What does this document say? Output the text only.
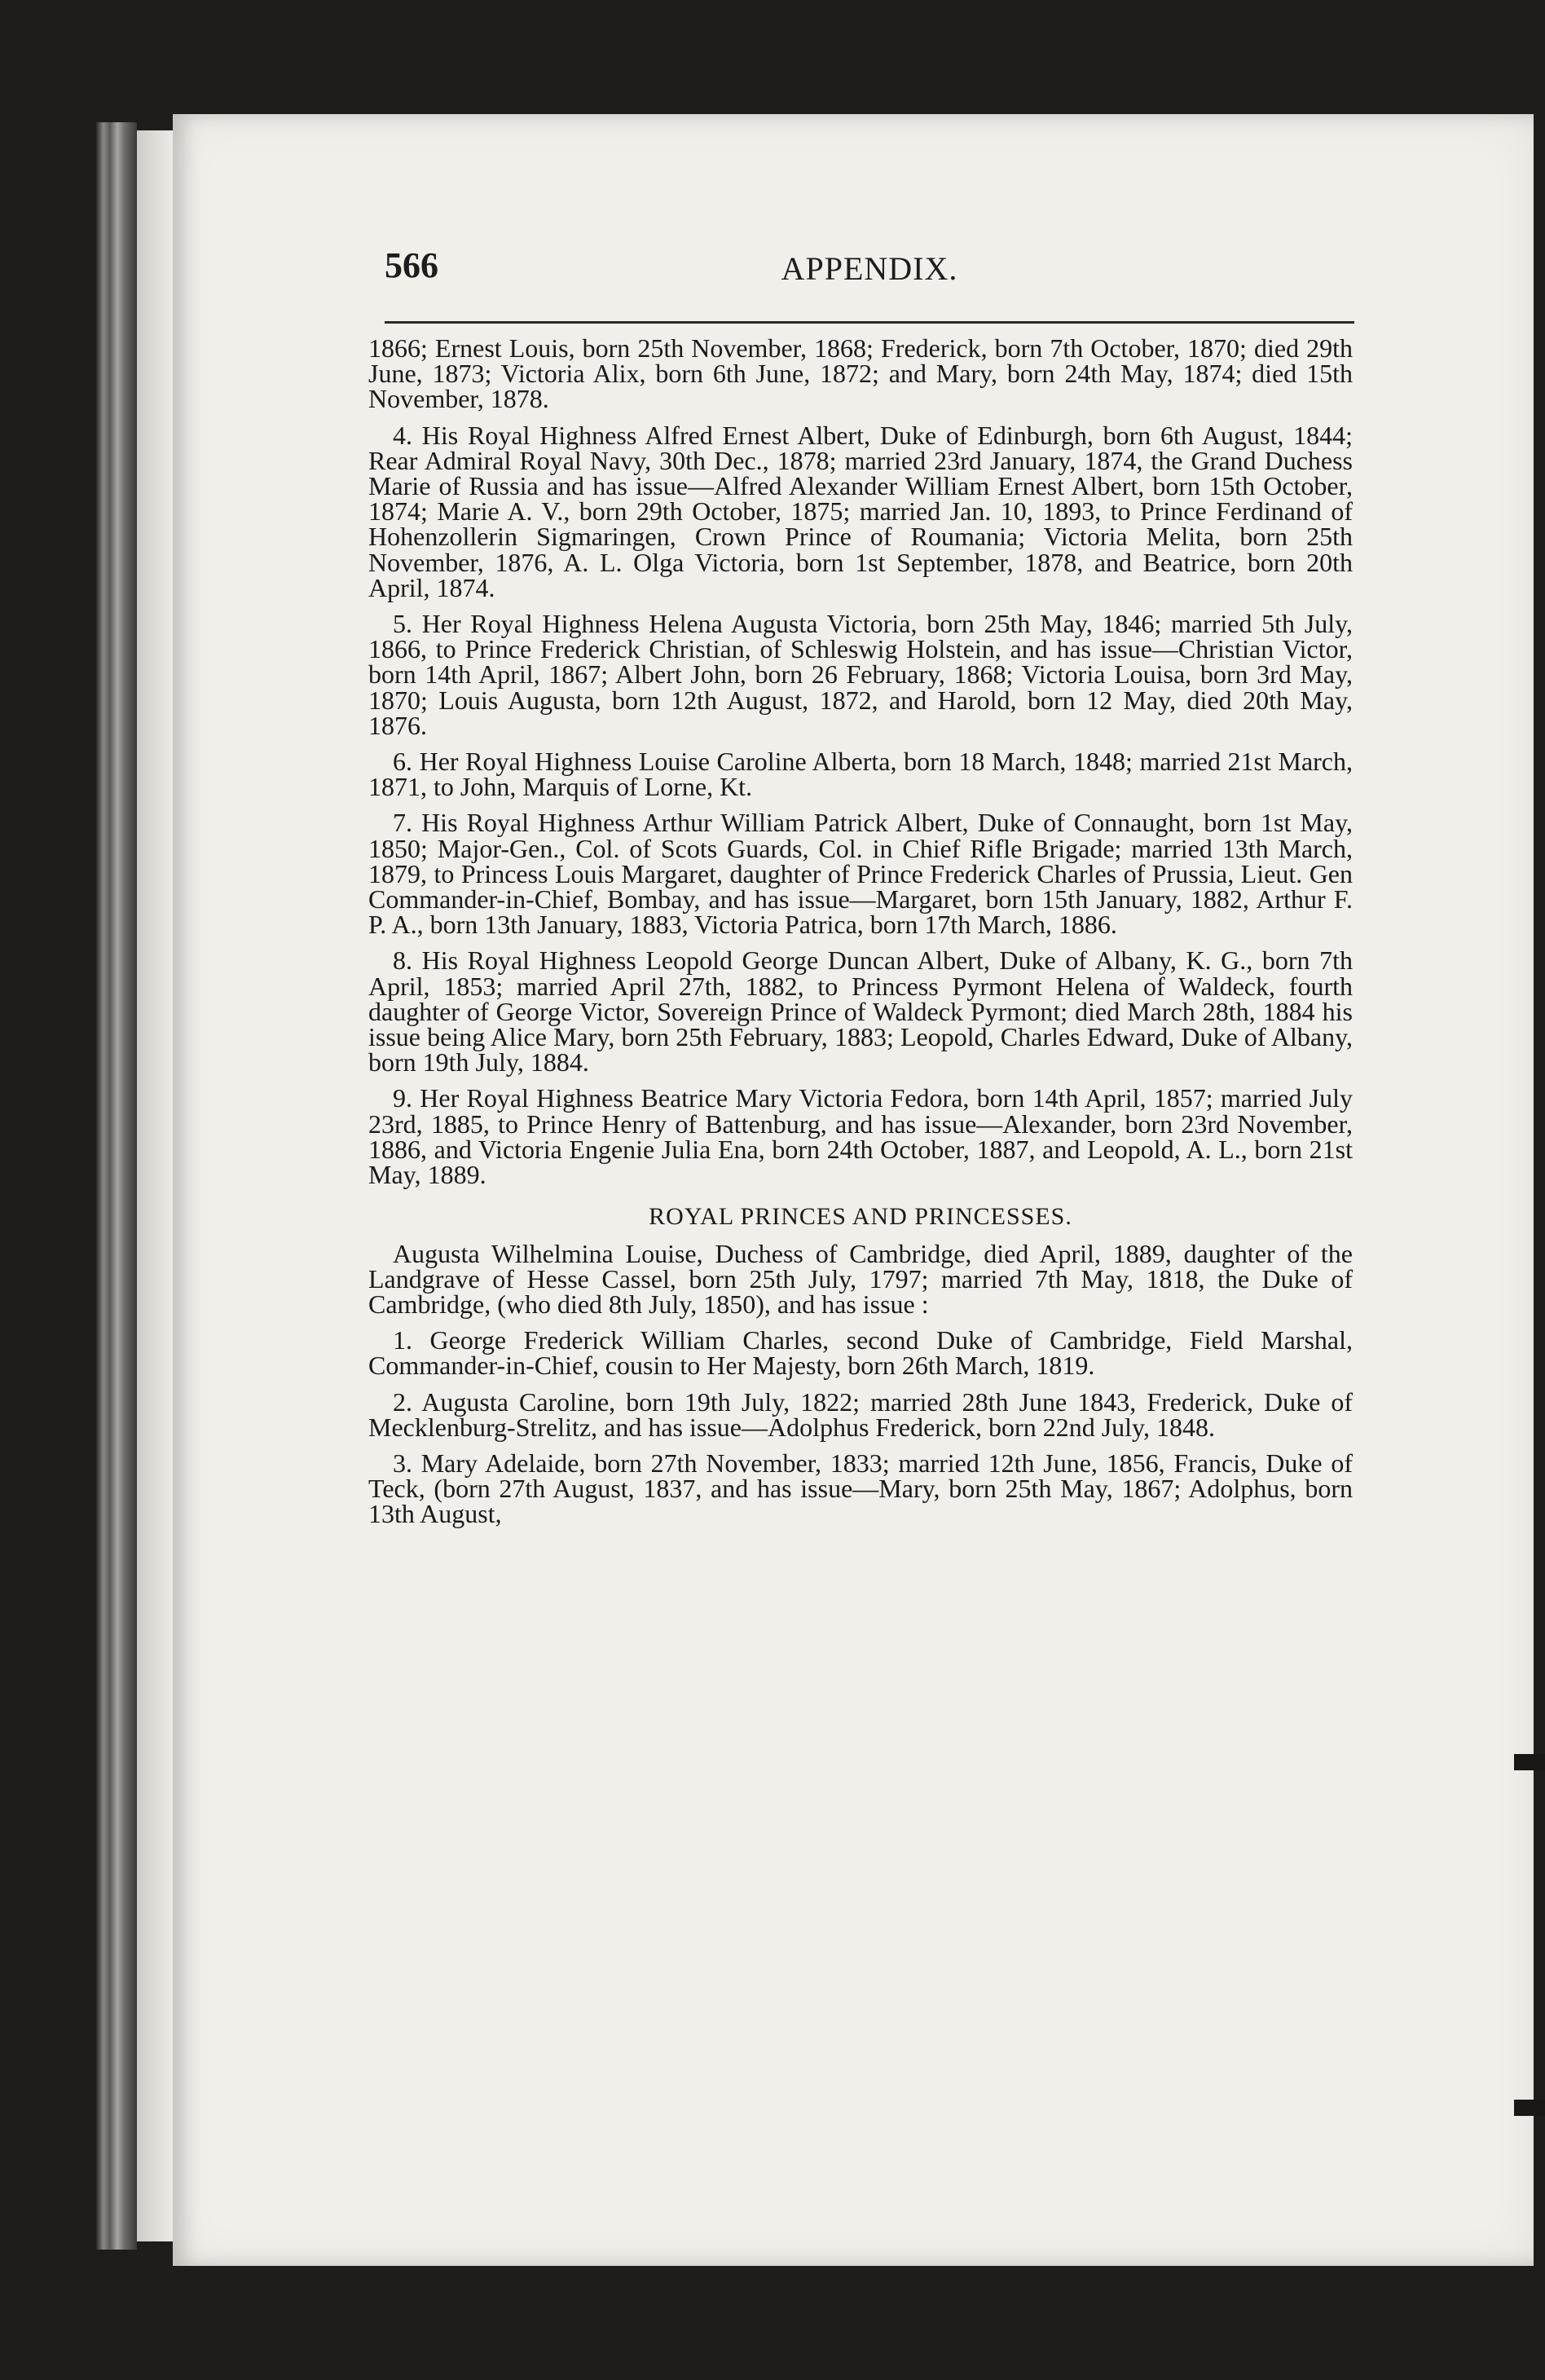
566	APPENDIX.

1866; Ernest Louis, born 25th November, 1868; Frederick, born 7th October, 1870; died 29th June, 1873; Victoria Alix, born 6th June, 1872; and Mary, born 24th May, 1874; died 15th November, 1878.

4. His Royal Highness Alfred Ernest Albert, Duke of Edinburgh, born 6th August, 1844; Rear Admiral Royal Navy, 30th Dec., 1878; married 23rd January, 1874, the Grand Duchess Marie of Russia and has issue—Alfred Alexander William Ernest Albert, born 15th October, 1874; Marie A. V., born 29th October, 1875; married Jan. 10, 1893, to Prince Ferdinand of Hohenzollerin Sigmaringen, Crown Prince of Roumania; Victoria Melita, born 25th November, 1876, A. L. Olga Victoria, born 1st September, 1878, and Beatrice, born 20th April, 1874.

5. Her Royal Highness Helena Augusta Victoria, born 25th May, 1846; married 5th July, 1866, to Prince Frederick Christian, of Schleswig Holstein, and has issue—Christian Victor, born 14th April, 1867; Albert John, born 26 February, 1868; Victoria Louisa, born 3rd May, 1870; Louis Augusta, born 12th August, 1872, and Harold, born 12 May, died 20th May, 1876.

6. Her Royal Highness Louise Caroline Alberta, born 18 March, 1848; married 21st March, 1871, to John, Marquis of Lorne, Kt.

7. His Royal Highness Arthur William Patrick Albert, Duke of Connaught, born 1st May, 1850; Major-Gen., Col. of Scots Guards, Col. in Chief Rifle Brigade; married 13th March, 1879, to Princess Louis Margaret, daughter of Prince Frederick Charles of Prussia, Lieut. Gen Commander-in-Chief, Bombay, and has issue—Margaret, born 15th January, 1882, Arthur F. P. A., born 13th January, 1883, Victoria Patrica, born 17th March, 1886.

8. His Royal Highness Leopold George Duncan Albert, Duke of Albany, K. G., born 7th April, 1853; married April 27th, 1882, to Princess Pyrmont Helena of Waldeck, fourth daughter of George Victor, Sovereign Prince of Waldeck Pyrmont; died March 28th, 1884 his issue being Alice Mary, born 25th February, 1883; Leopold, Charles Edward, Duke of Albany, born 19th July, 1884.

9. Her Royal Highness Beatrice Mary Victoria Fedora, born 14th April, 1857; married July 23rd, 1885, to Prince Henry of Battenburg, and has issue—Alexander, born 23rd November, 1886, and Victoria Engenie Julia Ena, born 24th October, 1887, and Leopold, A. L., born 21st May, 1889.

ROYAL PRINCES AND PRINCESSES.

Augusta Wilhelmina Louise, Duchess of Cambridge, died April, 1889, daughter of the Landgrave of Hesse Cassel, born 25th July, 1797; married 7th May, 1818, the Duke of Cambridge, (who died 8th July, 1850), and has issue :

1. George Frederick William Charles, second Duke of Cambridge, Field Marshal, Commander-in-Chief, cousin to Her Majesty, born 26th March, 1819.

2. Augusta Caroline, born 19th July, 1822; married 28th June 1843, Frederick, Duke of Mecklenburg-Strelitz, and has issue—Adolphus Frederick, born 22nd July, 1848.

3. Mary Adelaide, born 27th November, 1833; married 12th June, 1856, Francis, Duke of Teck, (born 27th August, 1837, and has issue—Mary, born 25th May, 1867; Adolphus, born 13th August,
